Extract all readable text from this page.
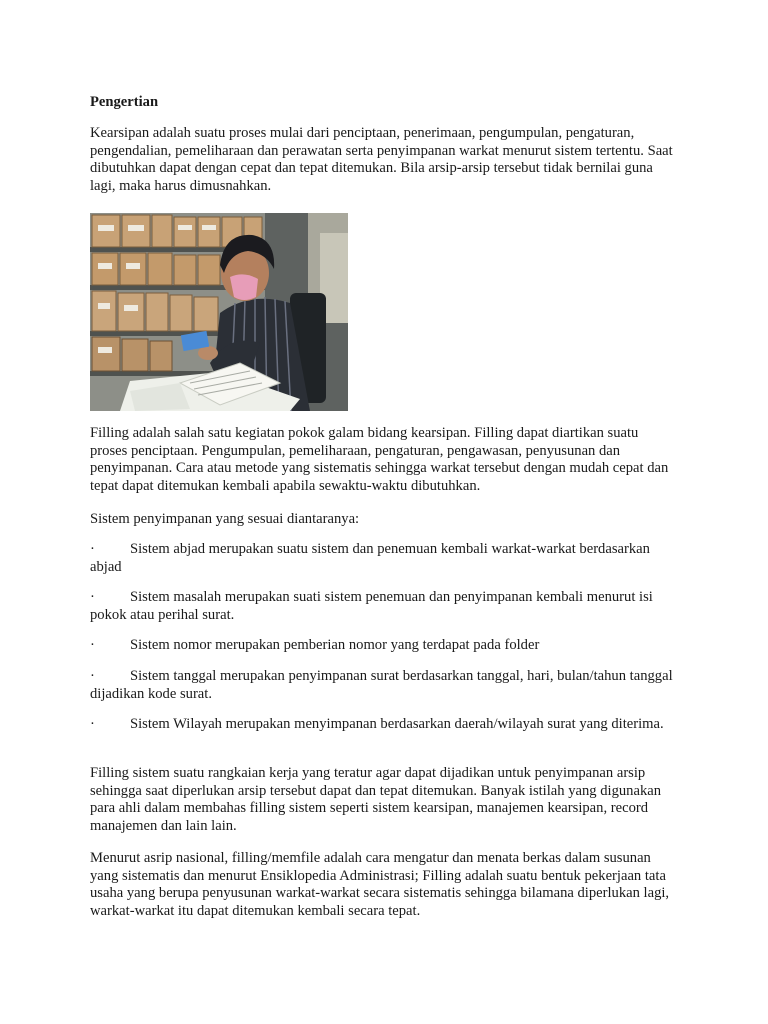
Pengertian

Kearsipan adalah suatu proses mulai dari penciptaan, penerimaan, pengumpulan, pengaturan, pengendalian, pemeliharaan dan perawatan serta penyimpanan warkat menurut sistem tertentu. Saat dibutuhkan dapat dengan cepat dan tepat ditemukan. Bila arsip-arsip tersebut tidak bernilai guna lagi, maka harus dimusnahkan.

Filling adalah salah satu kegiatan pokok galam bidang kearsipan. Filling dapat diartikan suatu proses penciptaan. Pengumpulan, pemeliharaan, pengaturan, pengawasan, penyusunan dan penyimpanan. Cara atau metode yang sistematis sehingga warkat tersebut dengan mudah cepat dan tepat dapat ditemukan kembali apabila sewaktu-waktu dibutuhkan.

Sistem penyimpanan yang sesuai diantaranya:

· Sistem abjad merupakan suatu sistem dan penemuan kembali warkat-warkat berdasarkan abjad

· Sistem masalah merupakan suati sistem penemuan dan penyimpanan kembali menurut isi pokok atau perihal surat.

· Sistem nomor merupakan pemberian nomor yang terdapat pada folder

· Sistem tanggal merupakan penyimpanan surat berdasarkan tanggal, hari, bulan/tahun tanggal dijadikan kode surat.

· Sistem Wilayah merupakan menyimpanan berdasarkan daerah/wilayah surat yang diterima.

Filling sistem suatu rangkaian kerja yang teratur agar dapat dijadikan untuk penyimpanan arsip sehingga saat diperlukan arsip tersebut dapat dan tepat ditemukan. Banyak istilah yang digunakan para ahli dalam membahas filling sistem seperti sistem kearsipan, manajemen kearsipan, record manajemen dan lain lain.

Menurut asrip nasional, filling/memfile adalah cara mengatur dan menata berkas dalam susunan yang sistematis dan menurut Ensiklopedia Administrasi; Filling adalah suatu bentuk pekerjaan tata usaha yang berupa penyusunan warkat-warkat secara sistematis sehingga bilamana diperlukan lagi, warkat-warkat itu dapat ditemukan kembali secara tepat.
